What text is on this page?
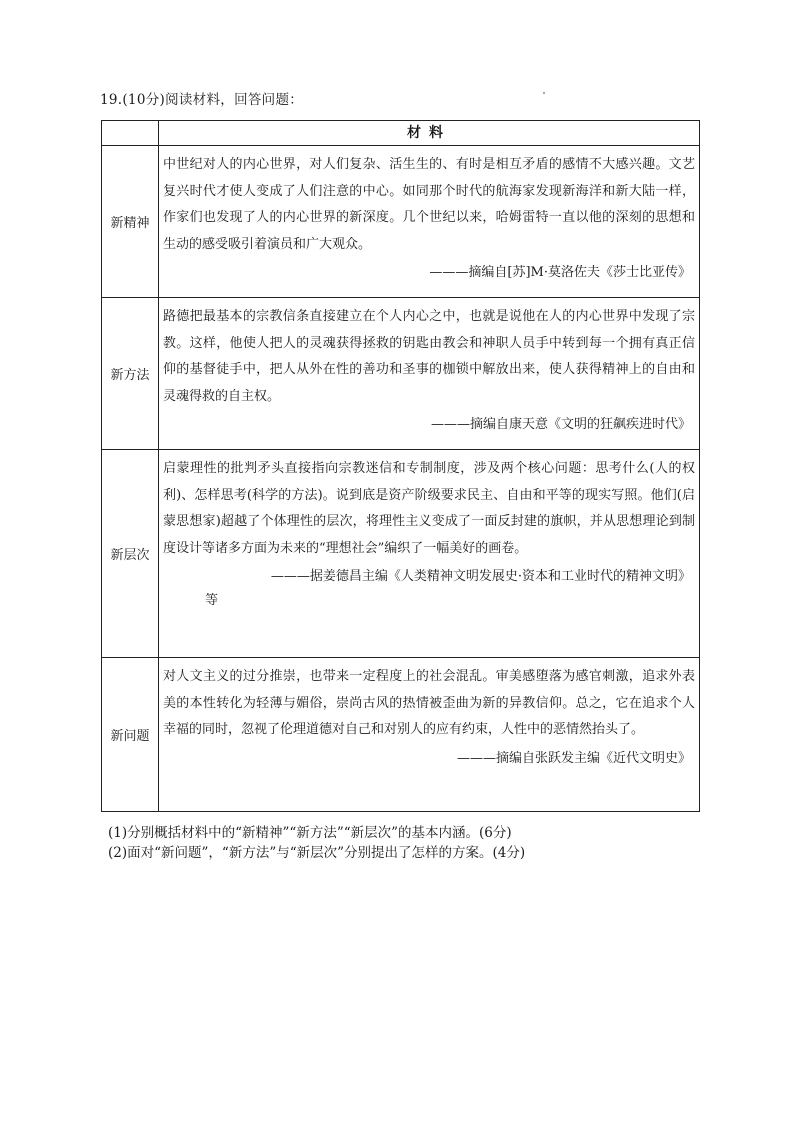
19.(10分)阅读材料，回答问题：
	材料
新精神	中世纪对人的内心世界，对人们复杂、活生生的、有时是相互矛盾的感情不大感兴趣。文艺复兴时代才使人变成了人们注意的中心。如同那个时代的航海家发现新海洋和新大陆一样，作家们也发现了人的内心世界的新深度。几个世纪以来，哈姆雷特一直以他的深刻的思想和生动的感受吸引着演员和广大观众。

———摘编自[苏]M·莫洛佐夫《莎士比亚传》

新方法	路德把最基本的宗教信条直接建立在个人内心之中，也就是说他在人的内心世界中发现了宗教。这样，他使人把人的灵魂获得拯救的钥匙由教会和神职人员手中转到每一个拥有真正信仰的基督徒手中，把人从外在性的善功和圣事的枷锁中解放出来，使人获得精神上的自由和灵魂得救的自主权。

———摘编自康天意《文明的狂飙疾进时代》

新层次	启蒙理性的批判矛头直接指向宗教迷信和专制制度，涉及两个核心问题：思考什么(人的权利)、怎样思考(科学的方法)。说到底是资产阶级要求民主、自由和平等的现实写照。他们(启蒙思想家)超越了个体理性的层次，将理性主义变成了一面反封建的旗帜，并从思想理论到制度设计等诸多方面为未来的“理想社会”编织了一幅美好的画卷。

———据姜德昌主编《人类精神文明发展史·资本和工业时代的精神文明》

等

新问题	对人文主义的过分推崇，也带来一定程度上的社会混乱。审美感堕落为感官刺激，追求外表美的本性转化为轻薄与媚俗，崇尚古风的热情被歪曲为新的异教信仰。总之，它在追求个人幸福的同时，忽视了伦理道德对自己和对别人的应有约束，人性中的恶情然抬头了。

———摘编自张跃发主编《近代文明史》

(1)分别概括材料中的“新精神”“新方法”“新层次”的基本内涵。(6分)
(2)面对“新问题”，“新方法”与“新层次”分别提出了怎样的方案。(4分)
